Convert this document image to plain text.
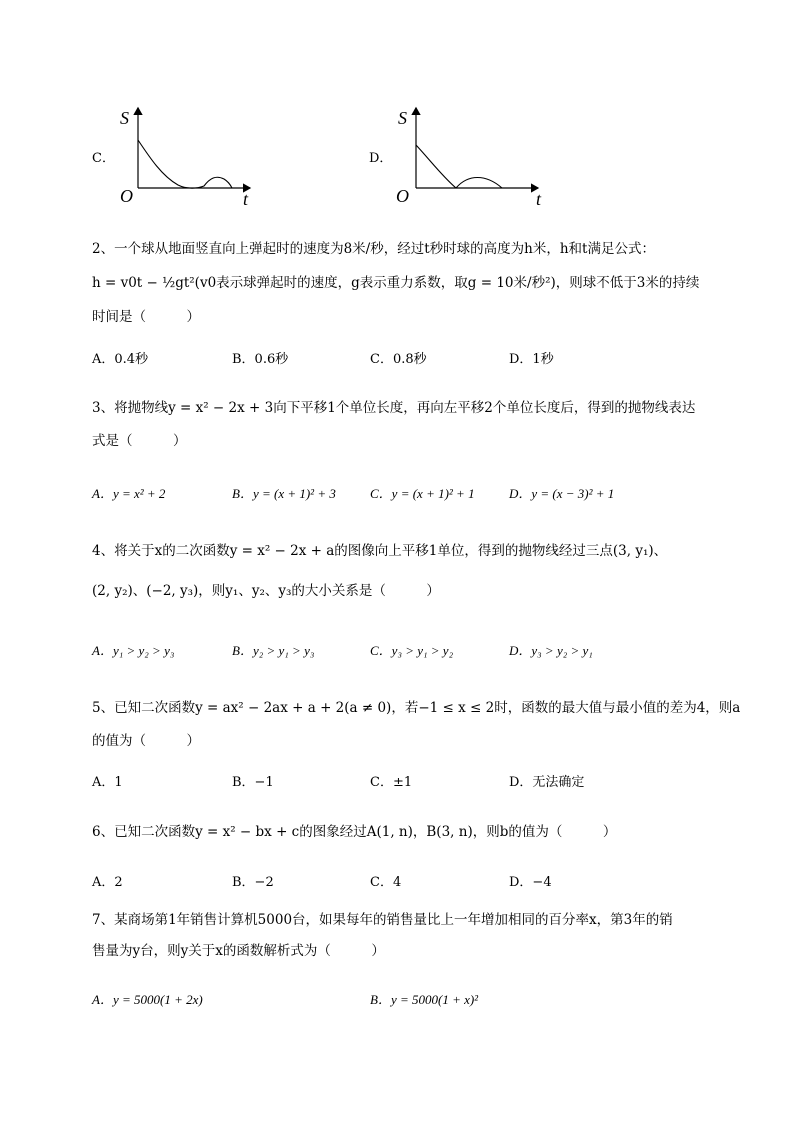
C．
S
O	t
D．
S
O	t
2、一个球从地面竖直向上弹起时的速度为8米/秒，经过t秒时球的高度为h米，h和t满足公式：
h = v0t − ½gt²(v0表示球弹起时的速度，g表示重力系数，取g = 10米/秒²)，则球不低于3米的持续
时间是（　　　）
A．0.4秒	B．0.6秒	C．0.8秒	D．1秒
3、将抛物线y = x² − 2x + 3向下平移1个单位长度，再向左平移2个单位长度后，得到的抛物线表达
式是（　　　）
A．y = x² + 2	B．y = (x + 1)² + 3	C．y = (x + 1)² + 1	D．y = (x − 3)² + 1
4、将关于x的二次函数y = x² − 2x + a的图像向上平移1单位，得到的抛物线经过三点(3, y₁)、
(2, y₂)、(−2, y₃)，则y₁、y₂、y₃的大小关系是（　　　）
A．y₁ > y₂ > y₃	B．y₂ > y₁ > y₃	C．y₃ > y₁ > y₂	D．y₃ > y₂ > y₁
5、已知二次函数y = ax² − 2ax + a + 2(a ≠ 0)，若−1 ≤ x ≤ 2时，函数的最大值与最小值的差为4，则a
的值为（　　　）
A．1	B．−1	C．±1	D．无法确定
6、已知二次函数y = x² − bx + c的图象经过A(1, n)，B(3, n)，则b的值为（　　　）
A．2	B．−2	C．4	D．−4
7、某商场第1年销售计算机5000台，如果每年的销售量比上一年增加相同的百分率x，第3年的销
售量为y台，则y关于x的函数解析式为（　　　）
A．y = 5000(1 + 2x)	B．y = 5000(1 + x)²
